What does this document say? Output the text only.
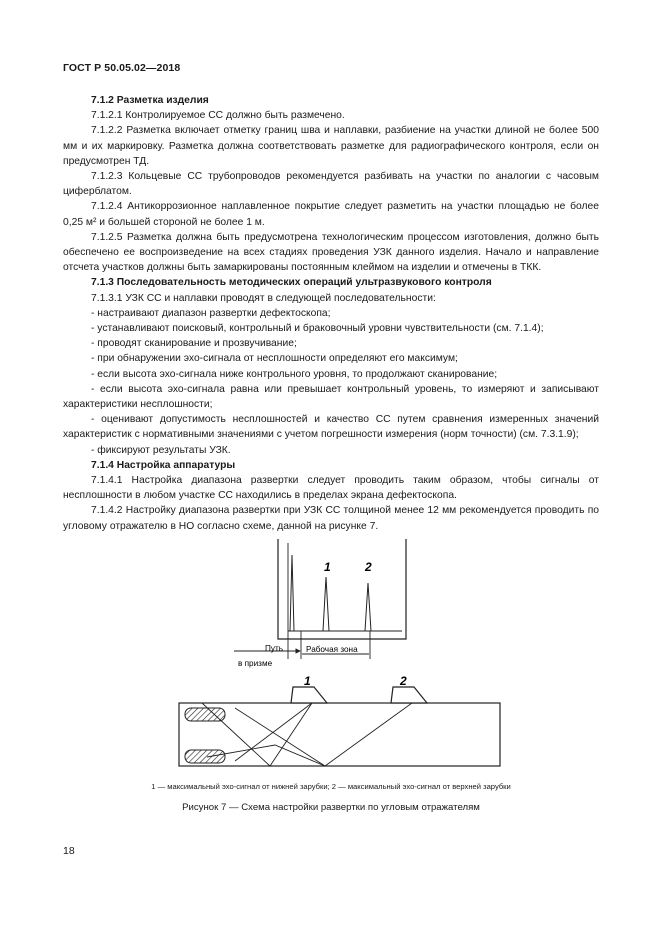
ГОСТ Р 50.05.02—2018

7.1.2 Разметка изделия

7.1.2.1 Контролируемое СС должно быть размечено.

7.1.2.2 Разметка включает отметку границ шва и наплавки, разбиение на участки длиной не более 500 мм и их маркировку. Разметка должна соответствовать разметке для радиографического контроля, если он предусмотрен ТД.

7.1.2.3 Кольцевые СС трубопроводов рекомендуется разбивать на участки по аналогии с часовым циферблатом.

7.1.2.4 Антикоррозионное наплавленное покрытие следует разметить на участки площадью не более 0,25 м² и большей стороной не более 1 м.

7.1.2.5 Разметка должна быть предусмотрена технологическим процессом изготовления, должно быть обеспечено ее воспроизведение на всех стадиях проведения УЗК данного изделия. Начало и направление отсчета участков должны быть замаркированы постоянным клеймом на изделии и отмечены в ТКК.

7.1.3 Последовательность методических операций ультразвукового контроля

7.1.3.1 УЗК СС и наплавки проводят в следующей последовательности:

- настраивают диапазон развертки дефектоскопа;

- устанавливают поисковый, контрольный и браковочный уровни чувствительности (см. 7.1.4);

- проводят сканирование и прозвучивание;

- при обнаружении эхо-сигнала от несплошности определяют его максимум;

- если высота эхо-сигнала ниже контрольного уровня, то продолжают сканирование;

- если высота эхо-сигнала равна или превышает контрольный уровень, то измеряют и записывают характеристики несплошности;

- оценивают допустимость несплошностей и качество СС путем сравнения измеренных значений характеристик с нормативными значениями с учетом погрешности измерения (норм точности) (см. 7.3.1.9);

- фиксируют результаты УЗК.

7.1.4 Настройка аппаратуры

7.1.4.1 Настройка диапазона развертки следует проводить таким образом, чтобы сигналы от несплошности в любом участке СС находились в пределах экрана дефектоскопа.

7.1.4.2 Настройку диапазона развертки при УЗК СС толщиной менее 12 мм рекомендуется проводить по угловому отражателю в НО согласно схеме, данной на рисунке 7.

1	2
Путь
в призме
Рабочая зона
1	2
1 — максимальный эхо-сигнал от нижней зарубки; 2 — максимальный эхо-сигнал от верхней зарубки
Рисунок 7 — Схема настройки развертки по угловым отражателям
18
